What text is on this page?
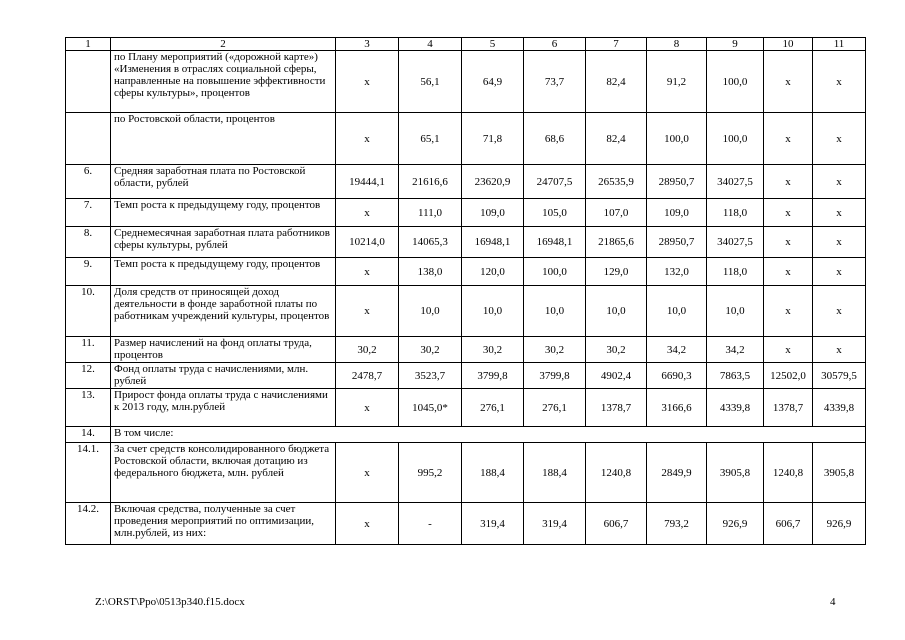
1	2	3	4	5	6	7	8	9	10	11
	по Плану мероприятий («дорожной карте») «Изменения в отраслях социальной сферы, направленные на повышение эффективности сферы культуры», процентов	х	56,1	64,9	73,7	82,4	91,2	100,0	х	х
	по Ростовской области, процентов	х	65,1	71,8	68,6	82,4	100,0	100,0	х	х
6.	Средняя заработная плата по Ростовской области, рублей	19444,1	21616,6	23620,9	24707,5	26535,9	28950,7	34027,5	х	х
7.	Темп роста к предыдущему году, процентов	х	111,0	109,0	105,0	107,0	109,0	118,0	х	х
8.	Среднемесячная заработная плата работников сферы культуры, рублей	10214,0	14065,3	16948,1	16948,1	21865,6	28950,7	34027,5	х	х
9.	Темп роста к предыдущему году, процентов	х	138,0	120,0	100,0	129,0	132,0	118,0	х	х
10.	Доля средств от приносящей доход деятельности в фонде заработной платы по работникам учреждений культуры, процентов	х	10,0	10,0	10,0	10,0	10,0	10,0	х	х
11.	Размер начислений на фонд оплаты труда, процентов	30,2	30,2	30,2	30,2	30,2	34,2	34,2	х	х
12.	Фонд оплаты труда с начислениями, млн. рублей	2478,7	3523,7	3799,8	3799,8	4902,4	6690,3	7863,5	12502,0	30579,5
13.	Прирост фонда оплаты труда с начислениями к 2013 году, млн.рублей	х	1045,0*	276,1	276,1	1378,7	3166,6	4339,8	1378,7	4339,8
14.	В том числе:									
14.1.	За счет средств консолидированного бюджета Ростовской области, включая дотацию из федерального бюджета, млн. рублей	х	995,2	188,4	188,4	1240,8	2849,9	3905,8	1240,8	3905,8
14.2.	Включая средства, полученные за счет проведения мероприятий по оптимизации, млн.рублей, из них:	х	-	319,4	319,4	606,7	793,2	926,9	606,7	926,9
Z:\ORST\Ppo\0513p340.f15.docx	4
